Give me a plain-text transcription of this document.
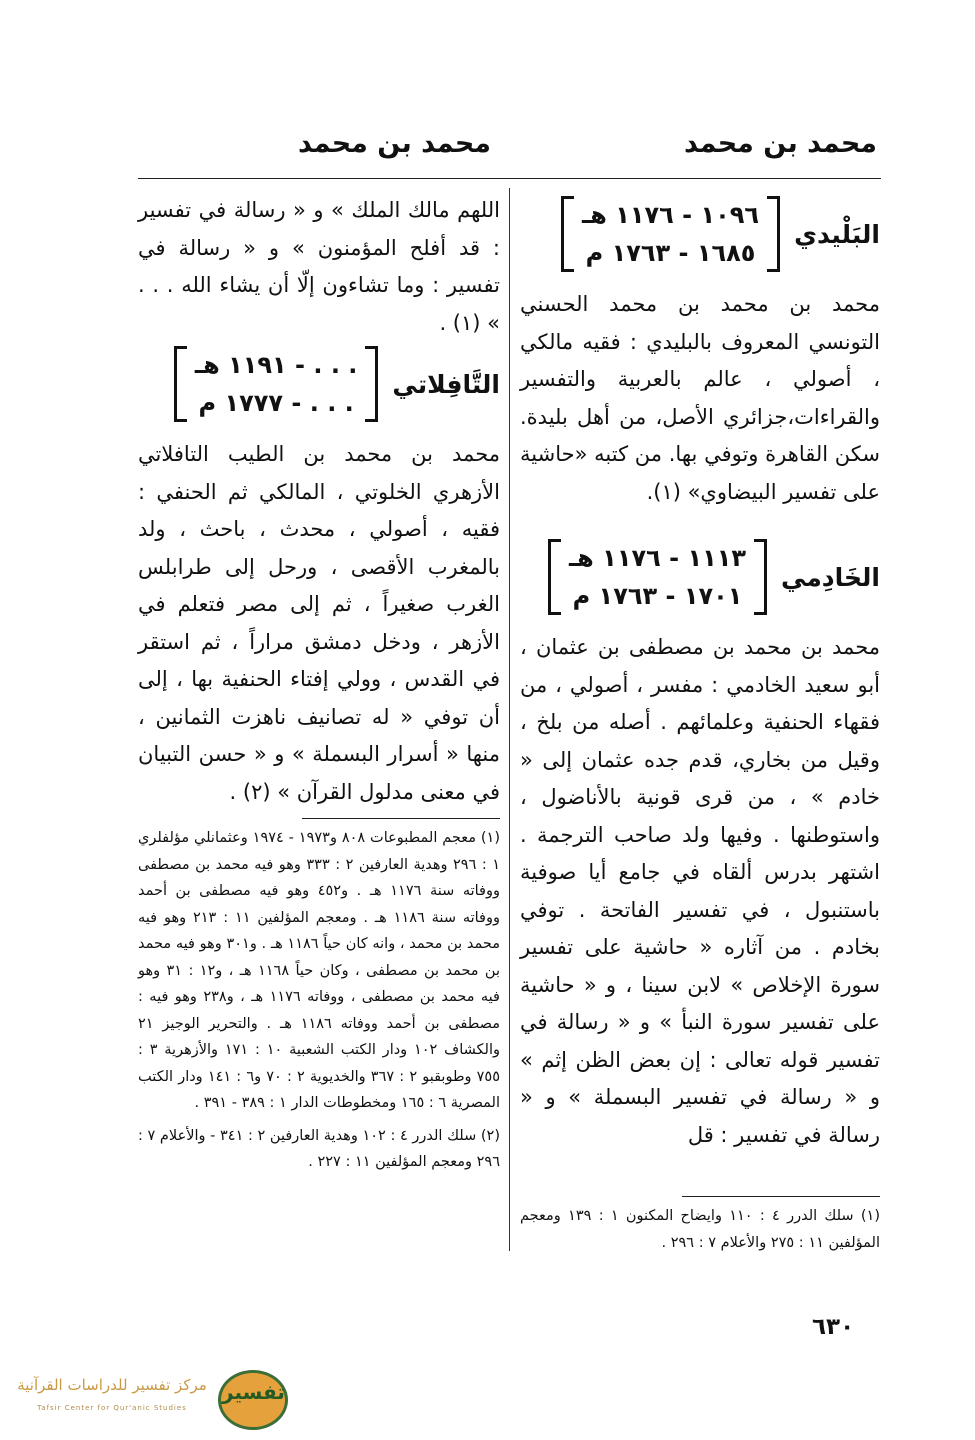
محمد بن محمد
محمد بن محمد
البَلْيدي
١٠٩٦ - ١١٧٦ هـ
١٦٨٥ - ١٧٦٣ م

محمد بن محمد بن محمد الحسني التونسي المعروف بالبليدي : فقيه مالكي ، أصولي ، عالم بالعربية والتفسير والقراءات،جزائري الأصل، من أهل بليدة. سكن القاهرة وتوفي بها. من كتبه «حاشية على تفسير البيضاوي» (١).

الخَادِمي
١١١٣ - ١١٧٦ هـ
١٧٠١ - ١٧٦٣ م

محمد بن محمد بن مصطفى بن عثمان ، أبو سعيد الخادمي : مفسر ، أصولي ، من فقهاء الحنفية وعلمائهم . أصله من بلخ ، وقيل من بخاري، قدم جده عثمان إلى « خادم » ، من قرى قونية بالأناضول ، واستوطنها . وفيها ولد صاحب الترجمة . اشتهر بدرس ألقاه في جامع أيا صوفية باستنبول ، في تفسير الفاتحة . توفي بخادم . من آثاره « حاشية على تفسير سورة الإخلاص » لابن سينا ، و « حاشية على تفسير سورة النبأ » و « رسالة في تفسير قوله تعالى : إن بعض الظن إثم » و « رسالة في تفسير البسملة » و « رسالة في تفسير : قل

(١) سلك الدرر ٤ : ١١٠ وايضاح المكنون ١ : ١٣٩ ومعجم المؤلفين ١١ : ٢٧٥ والأعلام ٧ : ٢٩٦ .

اللهم مالك الملك » و « رسالة في تفسير : قد أفلح المؤمنون » و « رسالة في تفسير : وما تشاءون إلّا أن يشاء الله . . . » (١) .

التَّافِلاتي
. . . - ١١٩١ هـ
. . . - ١٧٧٧ م

محمد بن محمد بن الطيب التافلاتي الأزهري الخلوتي ، المالكي ثم الحنفي : فقيه ، أصولي ، محدث ، باحث ، ولد بالمغرب الأقصى ، ورحل إلى طرابلس الغرب صغيراً ، ثم إلى مصر فتعلم في الأزهر ، ودخل دمشق مراراً ، ثم استقر في القدس ، وولي إفتاء الحنفية بها ، إلى أن توفي « له تصانيف ناهزت الثمانين ، منها « أسرار البسملة » و « حسن التبيان في معنى مدلول القرآن » (٢) .

(١) معجم المطبوعات ٨٠٨ و١٩٧٣ - ١٩٧٤ وعثمانلي مؤلفلري ١ : ٢٩٦ وهدية العارفين ٢ : ٣٣٣ وهو فيه محمد بن مصطفى ووفاته سنة ١١٧٦ هـ . و٤٥٢ وهو فيه مصطفى بن أحمد ووفاته سنة ١١٨٦ هـ . ومعجم المؤلفين ١١ : ٢١٣ وهو فيه محمد بن محمد ، وانه كان حياً ١١٨٦ هـ . و٣٠١ وهو فيه محمد بن محمد بن مصطفى ، وكان حياً ١١٦٨ هـ ، و١٢ : ٣١ وهو فيه محمد بن مصطفى ، ووفاته ١١٧٦ هـ ، و٢٣٨ وهو فيه : مصطفى بن أحمد ووفاته ١١٨٦ هـ . والتحرير الوجيز ٢١ والكشاف ١٠٢ ودار الكتب الشعبية ١٠ : ١٧١ والأزهرية ٣ : ٧٥٥ وطوبقبو ٢ : ٣٦٧ والخديوية ٢ : ٧٠ و٦ : ١٤١ ودار الكتب المصرية ٦ : ١٦٥ ومخطوطات الدار ١ : ٣٨٩ - ٣٩١ .

(٢) سلك الدرر ٤ : ١٠٢ وهدية العارفين ٢ : ٣٤١ - والأعلام ٧ : ٢٩٦ ومعجم المؤلفين ١١ : ٢٢٧ .

٦٣٠
تفسير
مركز تفسير للدراسات القرآنية
Tafsir Center for Qur'anic Studies
